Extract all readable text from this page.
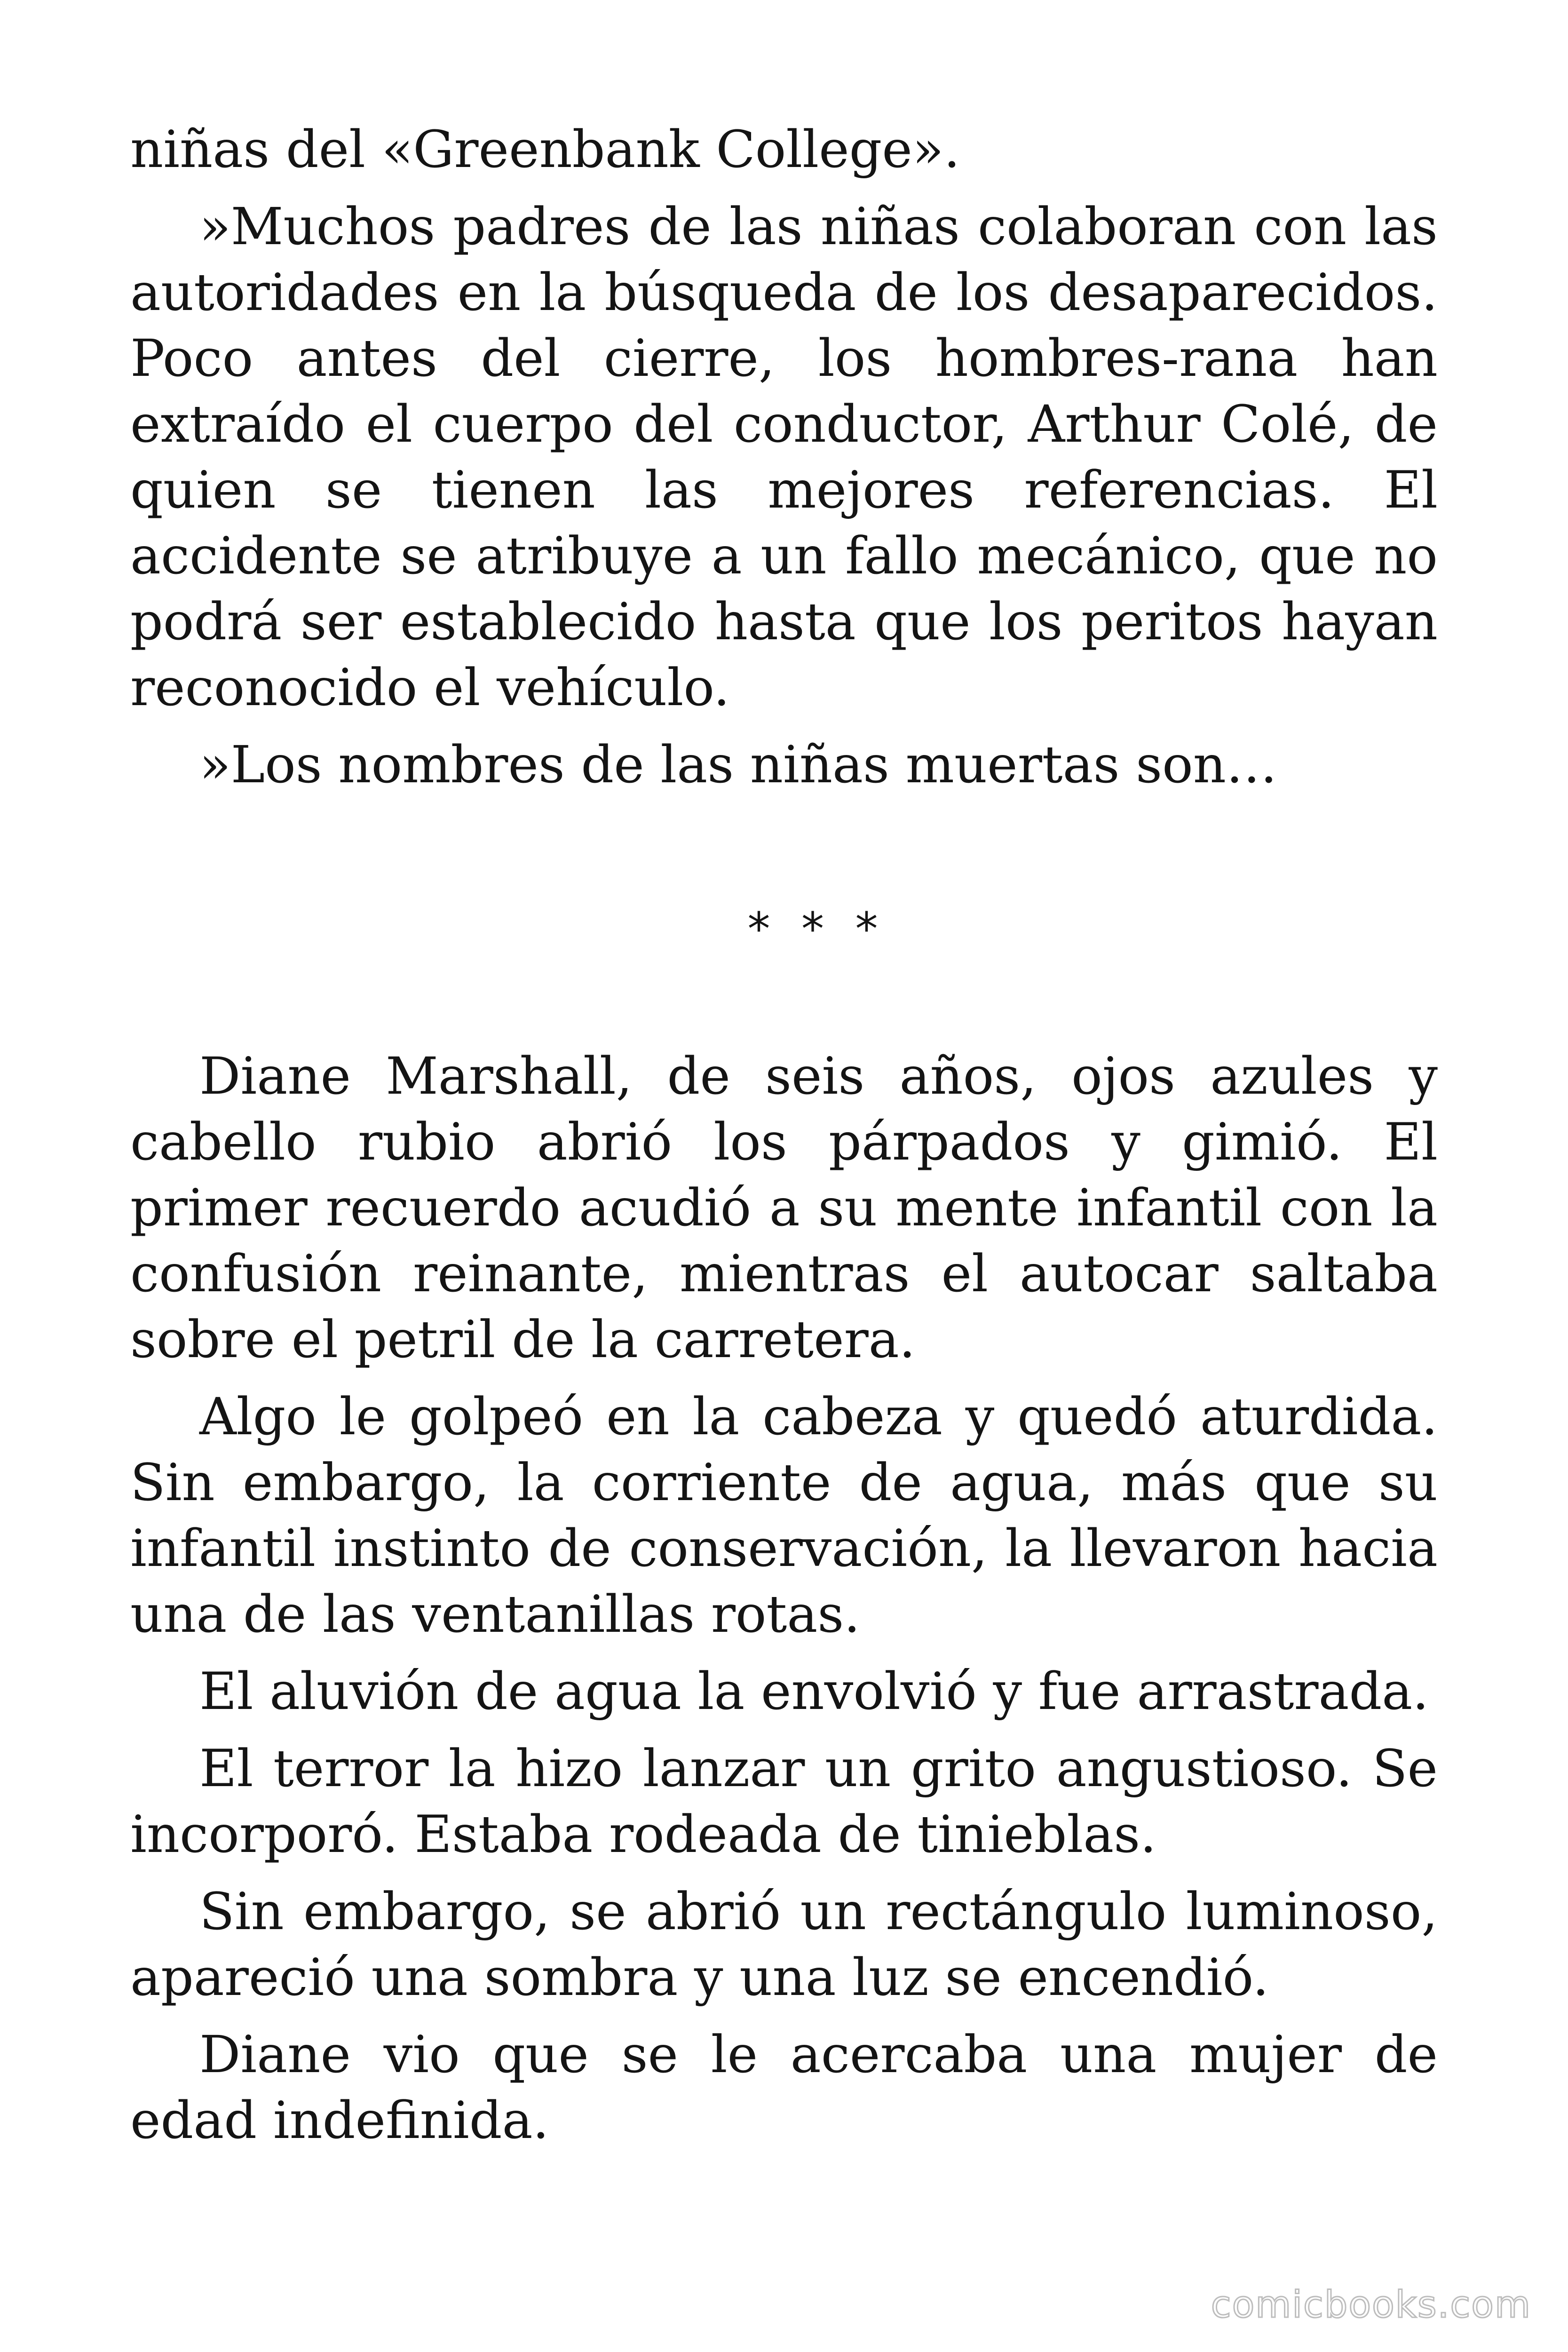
niñas del «Greenbank College».

»Muchos padres de las niñas colaboran con las autoridades en la búsqueda de los desaparecidos. Poco antes del cierre, los hombres-rana han extraído el cuerpo del conductor, Arthur Colé, de quien se tienen las mejores referencias. El accidente se atribuye a un fallo mecánico, que no podrá ser establecido hasta que los peritos hayan reconocido el vehículo.

»Los nombres de las niñas muertas son…

* * *

Diane Marshall, de seis años, ojos azules y cabello rubio abrió los párpados y gimió. El primer recuerdo acudió a su mente infantil con la confusión reinante, mientras el autocar saltaba sobre el petril de la carretera.

Algo le golpeó en la cabeza y quedó aturdida. Sin embargo, la corriente de agua, más que su infantil instinto de conservación, la llevaron hacia una de las ventanillas rotas.

El aluvión de agua la envolvió y fue arrastrada.

El terror la hizo lanzar un grito angustioso. Se incorporó. Estaba rodeada de tinieblas.

Sin embargo, se abrió un rectángulo luminoso, apareció una sombra y una luz se encendió.

Diane vio que se le acercaba una mujer de edad indefinida.

comicbooks.com
